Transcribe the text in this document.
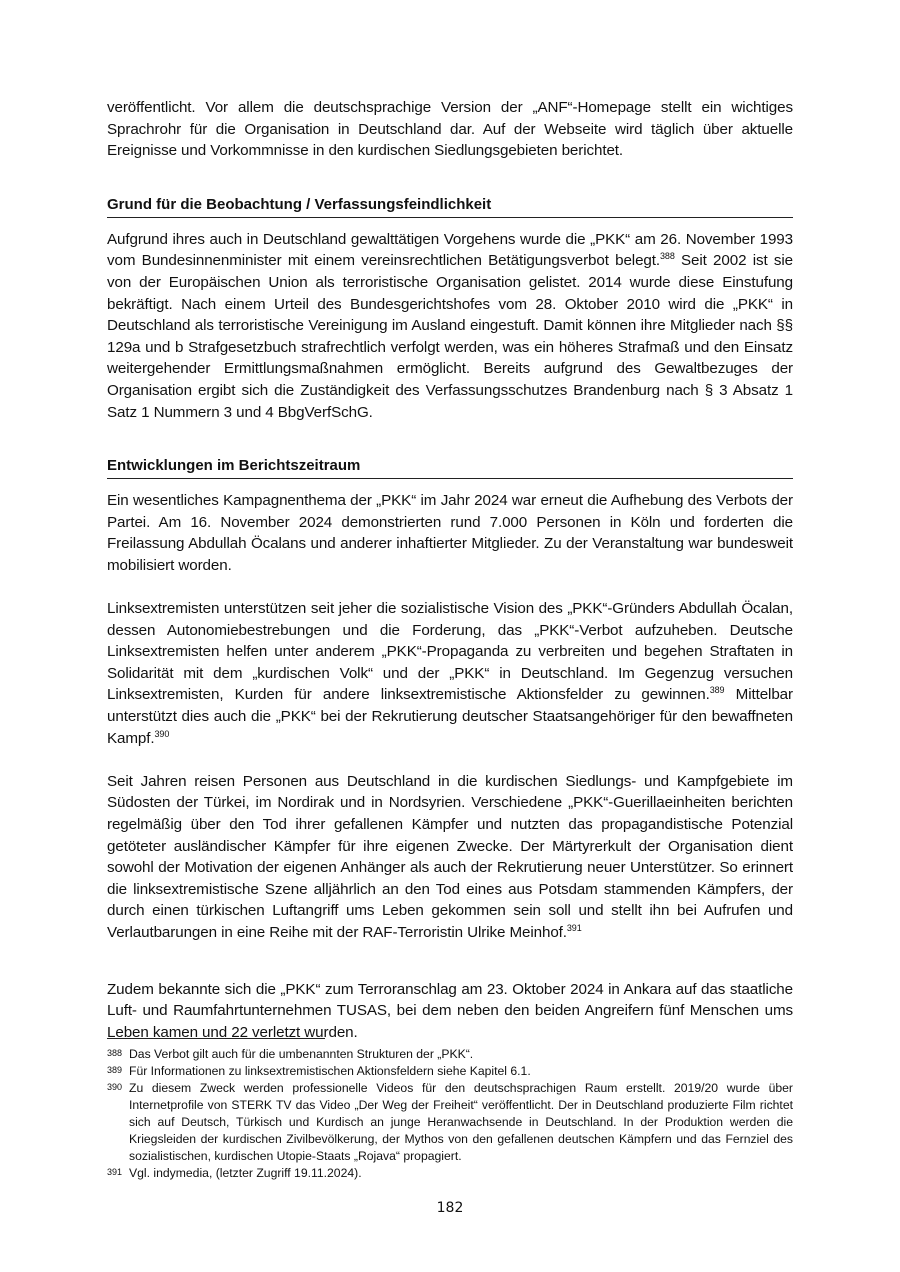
veröffentlicht. Vor allem die deutschsprachige Version der „ANF“-Homepage stellt ein wichtiges Sprachrohr für die Organisation in Deutschland dar. Auf der Webseite wird täglich über aktuelle Ereignisse und Vorkommnisse in den kurdischen Siedlungsgebieten berichtet.

Grund für die Beobachtung / Verfassungsfeindlichkeit

Aufgrund ihres auch in Deutschland gewalttätigen Vorgehens wurde die „PKK“ am 26. November 1993 vom Bundesinnenminister mit einem vereinsrechtlichen Betätigungsverbot belegt.$^{388}$ Seit 2002 ist sie von der Europäischen Union als terroristische Organisation gelistet. 2014 wurde diese Einstufung bekräftigt. Nach einem Urteil des Bundesgerichtshofes vom 28. Oktober 2010 wird die „PKK“ in Deutschland als terroristische Vereinigung im Ausland eingestuft. Damit können ihre Mitglieder nach §§ 129a und b Strafgesetzbuch strafrechtlich verfolgt werden, was ein höheres Strafmaß und den Einsatz weitergehender Ermittlungsmaßnahmen ermöglicht. Bereits aufgrund des Gewaltbezuges der Organisation ergibt sich die Zuständigkeit des Verfassungsschutzes Brandenburg nach § 3 Absatz 1 Satz 1 Nummern 3 und 4 BbgVerfSchG.

Entwicklungen im Berichtszeitraum

Ein wesentliches Kampagnenthema der „PKK“ im Jahr 2024 war erneut die Aufhebung des Verbots der Partei. Am 16. November 2024 demonstrierten rund 7.000 Personen in Köln und forderten die Freilassung Abdullah Öcalans und anderer inhaftierter Mitglieder. Zu der Veranstaltung war bundesweit mobilisiert worden.

Linksextremisten unterstützen seit jeher die sozialistische Vision des „PKK“-Gründers Abdullah Öcalan, dessen Autonomiebestrebungen und die Forderung, das „PKK“-Verbot aufzuheben. Deutsche Linksextremisten helfen unter anderem „PKK“-Propaganda zu verbreiten und begehen Straftaten in Solidarität mit dem „kurdischen Volk“ und der „PKK“ in Deutschland. Im Gegenzug versuchen Linksextremisten, Kurden für andere linksextremistische Aktionsfelder zu gewinnen.$^{389}$ Mittelbar unterstützt dies auch die „PKK“ bei der Rekrutierung deutscher Staatsangehöriger für den bewaffneten Kampf.$^{390}$

Seit Jahren reisen Personen aus Deutschland in die kurdischen Siedlungs- und Kampfgebiete im Südosten der Türkei, im Nordirak und in Nordsyrien. Verschiedene „PKK“-Guerillaeinheiten berichten regelmäßig über den Tod ihrer gefallenen Kämpfer und nutzten das propagandistische Potenzial getöteter ausländischer Kämpfer für ihre eigenen Zwecke. Der Märtyrerkult der Organisation dient sowohl der Motivation der eigenen Anhänger als auch der Rekrutierung neuer Unterstützer. So erinnert die linksextremistische Szene alljährlich an den Tod eines aus Potsdam stammenden Kämpfers, der durch einen türkischen Luftangriff ums Leben gekommen sein soll und stellt ihn bei Aufrufen und Verlautbarungen in eine Reihe mit der RAF-Terroristin Ulrike Meinhof.$^{391}$

Zudem bekannte sich die „PKK“ zum Terroranschlag am 23. Oktober 2024 in Ankara auf das staatliche Luft- und Raumfahrtunternehmen TUSAS, bei dem neben den beiden Angreifern fünf Menschen ums Leben kamen und 22 verletzt wurden.

388 Das Verbot gilt auch für die umbenannten Strukturen der „PKK“.

389 Für Informationen zu linksextremistischen Aktionsfeldern siehe Kapitel 6.1.

390 Zu diesem Zweck werden professionelle Videos für den deutschsprachigen Raum erstellt. 2019/20 wurde über Internetprofile von STERK TV das Video „Der Weg der Freiheit“ veröffentlicht. Der in Deutschland produzierte Film richtet sich auf Deutsch, Türkisch und Kurdisch an junge Heranwachsende in Deutschland. In der Produktion werden die Kriegsleiden der kurdischen Zivilbevölkerung, der Mythos von den gefallenen deutschen Kämpfern und das Fernziel des sozialistischen, kurdischen Utopie-Staats „Rojava“ propagiert.

391 Vgl. indymedia, (letzter Zugriff 19.11.2024).

182
